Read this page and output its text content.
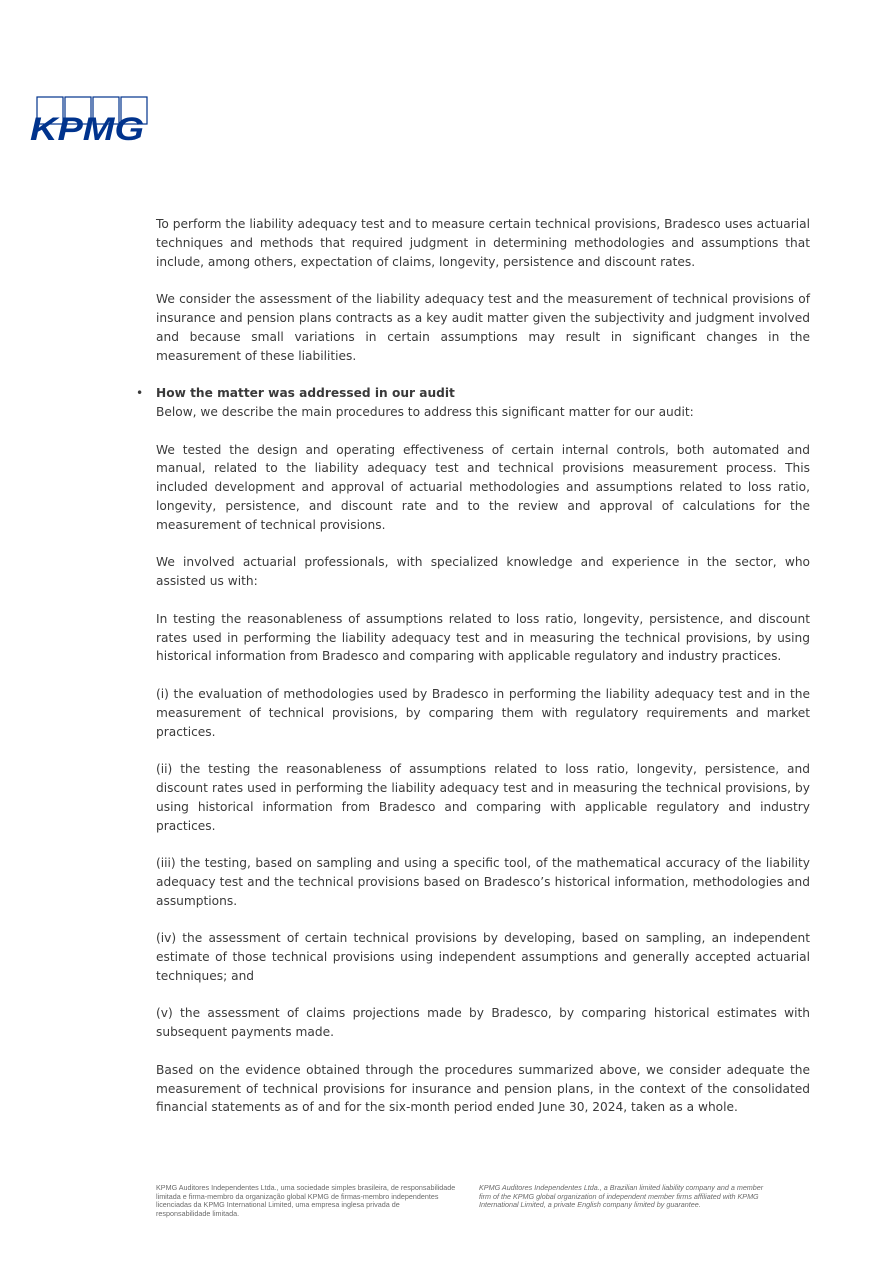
KPMG

To perform the liability adequacy test and to measure certain technical provisions, Bradesco uses actuarial techniques and methods that required judgment in determining methodologies and assumptions that include, among others, expectation of claims, longevity, persistence and discount rates.

We consider the assessment of the liability adequacy test and the measurement of technical provisions of insurance and pension plans contracts as a key audit matter given the subjectivity and judgment involved and because small variations in certain assumptions may result in significant changes in the measurement of these liabilities.

• How the matter was addressed in our audit

Below, we describe the main procedures to address this significant matter for our audit:

We tested the design and operating effectiveness of certain internal controls, both automated and manual, related to the liability adequacy test and technical provisions measurement process. This included development and approval of actuarial methodologies and assumptions related to loss ratio, longevity, persistence, and discount rate and to the review and approval of calculations for the measurement of technical provisions.

We involved actuarial professionals, with specialized knowledge and experience in the sector, who assisted us with:

In testing the reasonableness of assumptions related to loss ratio, longevity, persistence, and discount rates used in performing the liability adequacy test and in measuring the technical provisions, by using historical information from Bradesco and comparing with applicable regulatory and industry practices.

(i) the evaluation of methodologies used by Bradesco in performing the liability adequacy test and in the measurement of technical provisions, by comparing them with regulatory requirements and market practices.

(ii) the testing the reasonableness of assumptions related to loss ratio, longevity, persistence, and discount rates used in performing the liability adequacy test and in measuring the technical provisions, by using historical information from Bradesco and comparing with applicable regulatory and industry practices.

(iii) the testing, based on sampling and using a specific tool, of the mathematical accuracy of the liability adequacy test and the technical provisions based on Bradesco’s historical information, methodologies and assumptions.

(iv) the assessment of certain technical provisions by developing, based on sampling, an independent estimate of those technical provisions using independent assumptions and generally accepted actuarial techniques; and

(v) the assessment of claims projections made by Bradesco, by comparing historical estimates with subsequent payments made.

Based on the evidence obtained through the procedures summarized above, we consider adequate the measurement of technical provisions for insurance and pension plans, in the context of the consolidated financial statements as of and for the six-month period ended June 30, 2024, taken as a whole.

KPMG Auditores Independentes Ltda., uma sociedade simples brasileira, de responsabilidade limitada e firma-membro da organização global KPMG de firmas-membro independentes licenciadas da KPMG International Limited, uma empresa inglesa privada de responsabilidade limitada.
KPMG Auditores Independentes Ltda., a Brazilian limited liability company and a member firm of the KPMG global organization of independent member firms affiliated with KPMG International Limited, a private English company limited by guarantee.
